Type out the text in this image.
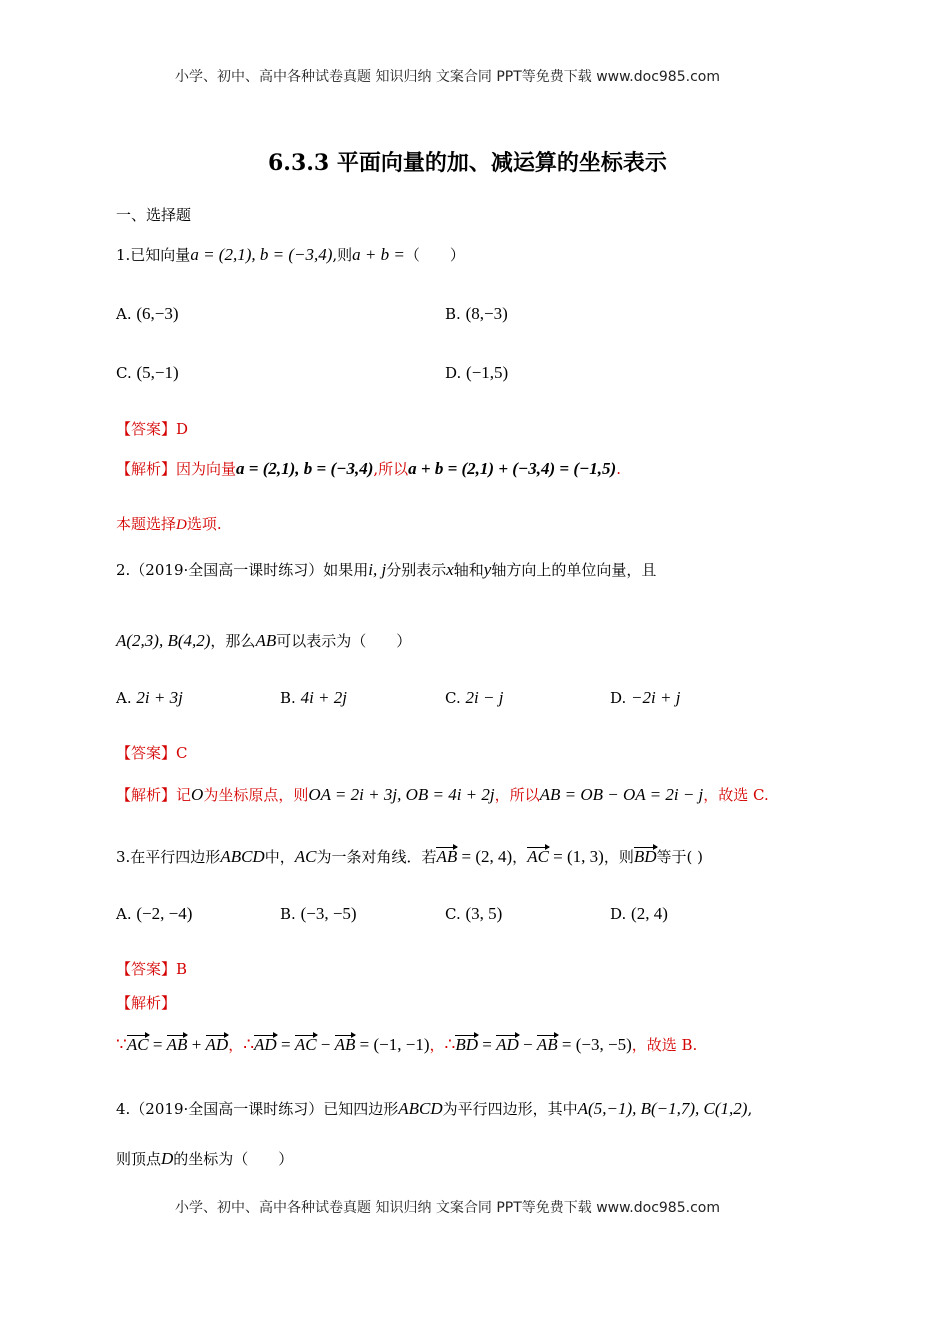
小学、初中、高中各种试卷真题 知识归纳 文案合同 PPT等免费下载 www.doc985.com
6.3.3 平面向量的加、减运算的坐标表示
一、选择题
1.已知向量a = (2,1), b = (−3,4),则a + b =（　　）
A. (6,−3)	B. (8,−3)
C. (5,−1)	D. (−1,5)
【答案】D
【解析】因为向量a = (2,1), b = (−3,4),所以a + b = (2,1) + (−3,4) = (−1,5).
本题选择D选项.
2.（2019·全国高一课时练习）如果用i, j分别表示x轴和y轴方向上的单位向量，且
A(2,3), B(4,2)，那么AB可以表示为（　　）
A. 2i + 3j	B. 4i + 2j	C. 2i − j	D. −2i + j
【答案】C
【解析】记O为坐标原点，则OA = 2i + 3j, OB = 4i + 2j，所以AB = OB − OA = 2i − j，故选 C.
3.在平行四边形ABCD中，AC为一条对角线．若AB = (2, 4)，AC = (1, 3)，则BD等于( )
A. (−2, −4)	B. (−3, −5)	C. (3, 5)	D. (2, 4)
【答案】B
【解析】
∵AC = AB + AD，∴AD = AC − AB = (−1, −1)，∴BD = AD − AB = (−3, −5)，故选 B.
4.（2019·全国高一课时练习）已知四边形ABCD为平行四边形，其中A(5,−1), B(−1,7), C(1,2),
则顶点D的坐标为（　　）
小学、初中、高中各种试卷真题 知识归纳 文案合同 PPT等免费下载 www.doc985.com
